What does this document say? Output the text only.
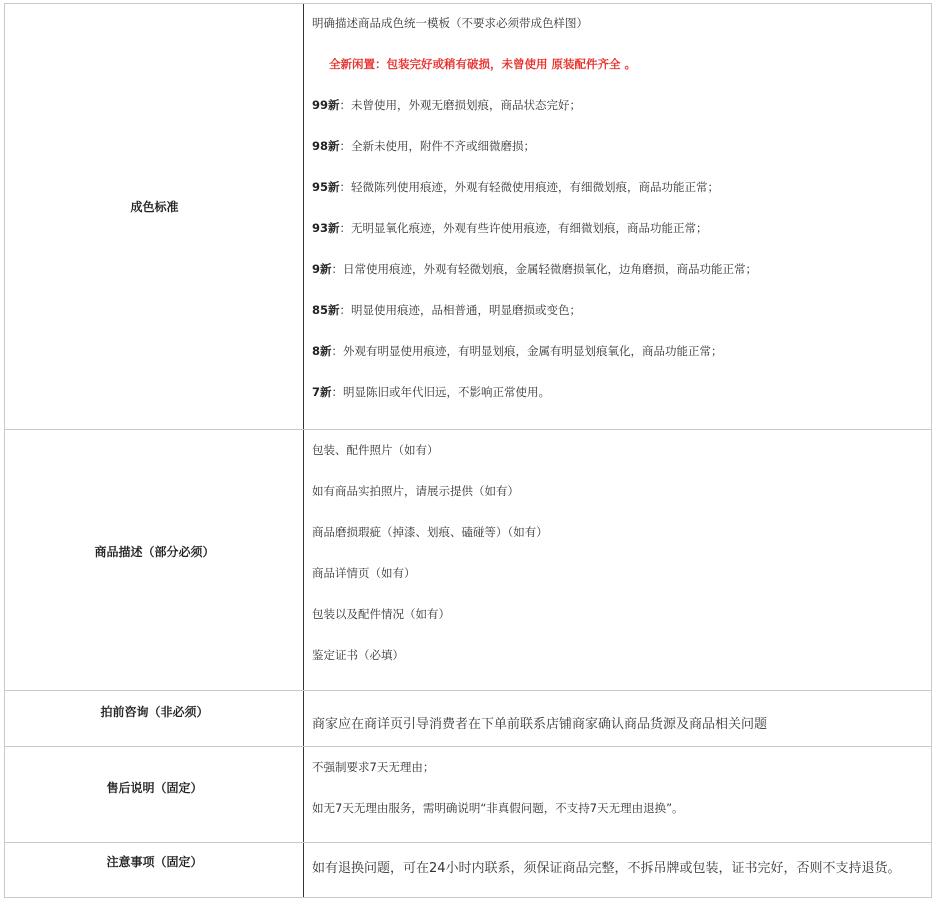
成色标准
明确描述商品成色统一模板（不要求必须带成色样图）
全新闲置：包装完好或稍有破损，未曾使用 原装配件齐全 。
99新：未曾使用，外观无磨损划痕，商品状态完好；
98新：全新未使用，附件不齐或细微磨损；
95新：轻微陈列使用痕迹，外观有轻微使用痕迹，有细微划痕，商品功能正常；
93新：无明显氧化痕迹，外观有些许使用痕迹，有细微划痕，商品功能正常；
9新：日常使用痕迹，外观有轻微划痕，金属轻微磨损氧化，边角磨损，商品功能正常；
85新：明显使用痕迹，品相普通，明显磨损或变色；
8新：外观有明显使用痕迹，有明显划痕，金属有明显划痕氧化，商品功能正常；
7新：明显陈旧或年代旧远，不影响正常使用。
商品描述（部分必须）
包装、配件照片（如有）
如有商品实拍照片，请展示提供（如有）
商品磨损瑕疵（掉漆、划痕、磕碰等）（如有）
商品详情页（如有）
包装以及配件情况（如有）
鉴定证书（必填）
拍前咨询（非必须）
商家应在商详页引导消费者在下单前联系店铺商家确认商品货源及商品相关问题
售后说明（固定）
不强制要求7天无理由；
如无7天无理由服务，需明确说明“非真假问题，不支持7天无理由退换”。
注意事项（固定）	如有退换问题，可在24小时内联系，须保证商品完整，不拆吊牌或包装，证书完好，否则不支持退货。
